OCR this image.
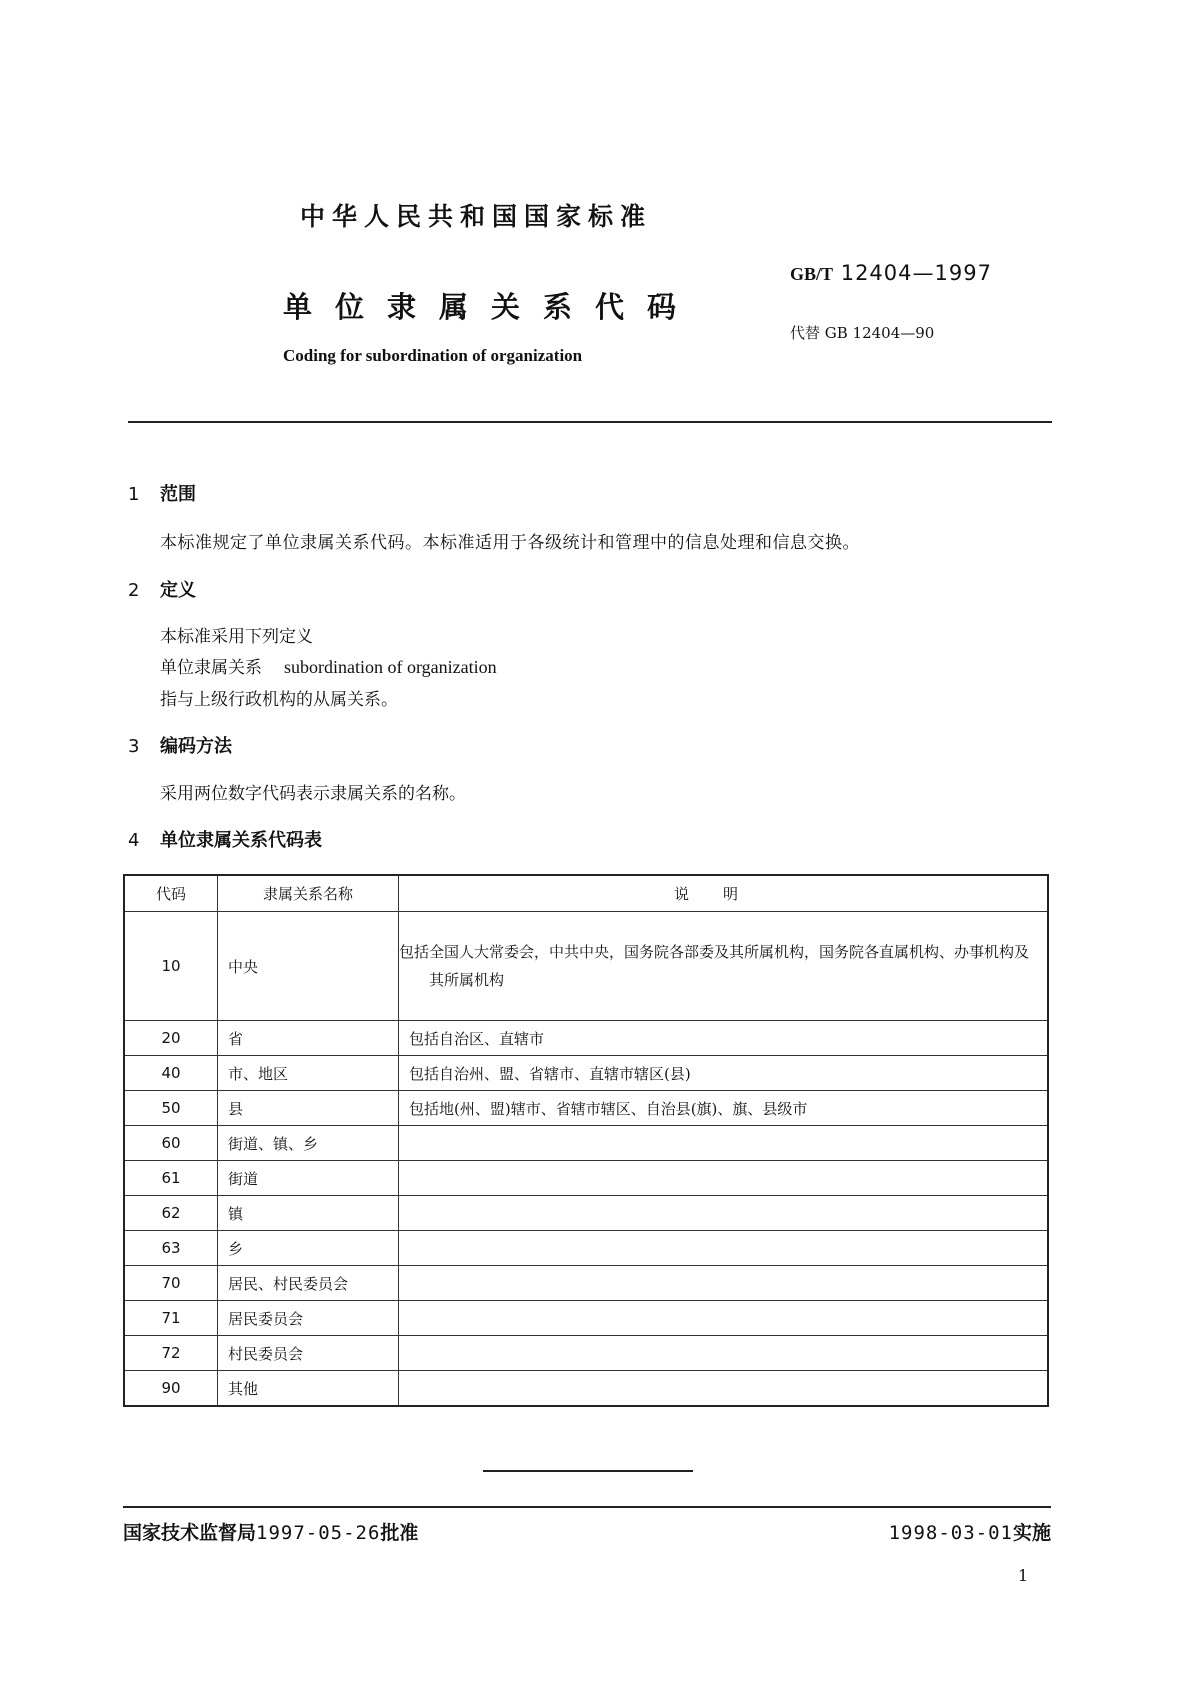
中华人民共和国国家标准
单位隶属关系代码
Coding for subordination of organization
GB/T 12404—1997
代替 GB 12404—90
1 范围
本标准规定了单位隶属关系代码。本标准适用于各级统计和管理中的信息处理和信息交换。
2 定义
本标准采用下列定义
单位隶属关系 subordination of organization
指与上级行政机构的从属关系。
3 编码方法
采用两位数字代码表示隶属关系的名称。
4 单位隶属关系代码表
代码	隶属关系名称	说明
10	中央	包括全国人大常委会，中共中央，国务院各部委及其所属机构，国务院各直属机构、办事机构及其所属机构
20	省	包括自治区、直辖市
40	市、地区	包括自治州、盟、省辖市、直辖市辖区(县)
50	县	包括地(州、盟)辖市、省辖市辖区、自治县(旗)、旗、县级市
60	街道、镇、乡	
61	街道	
62	镇	
63	乡	
70	居民、村民委员会	
71	居民委员会	
72	村民委员会	
90	其他	
国家技术监督局1997-05-26批准	1998-03-01实施
1
